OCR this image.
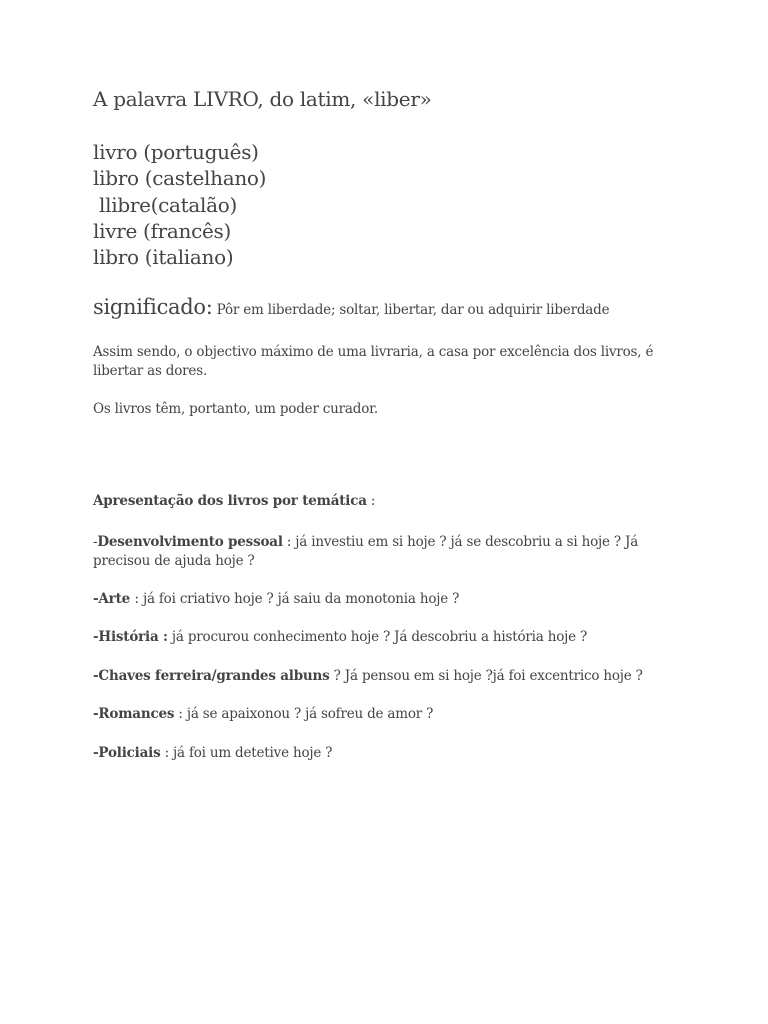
A palavra LIVRO, do latim, «liber»
livro (português)
libro (castelhano)
llibre(catalão)
livre (francês)
libro (italiano)
significado: Pôr em liberdade; soltar, libertar, dar ou adquirir liberdade
Assim sendo, o objectivo máximo de uma livraria, a casa por excelência dos livros, é libertar as dores.
Os livros têm, portanto, um poder curador.
Apresentação dos livros por temática :
-Desenvolvimento pessoal : já investiu em si hoje ? já se descobriu a si hoje ? Já precisou de ajuda hoje ?
-Arte : já foi criativo hoje ? já saiu da monotonia hoje ?
-História : já procurou conhecimento hoje ? Já descobriu a história hoje ?
-Chaves ferreira/grandes albuns ? Já pensou em si hoje ?já foi excentrico hoje ?
-Romances : já se apaixonou ? já sofreu de amor ?
-Policiais : já foi um detetive hoje ?
